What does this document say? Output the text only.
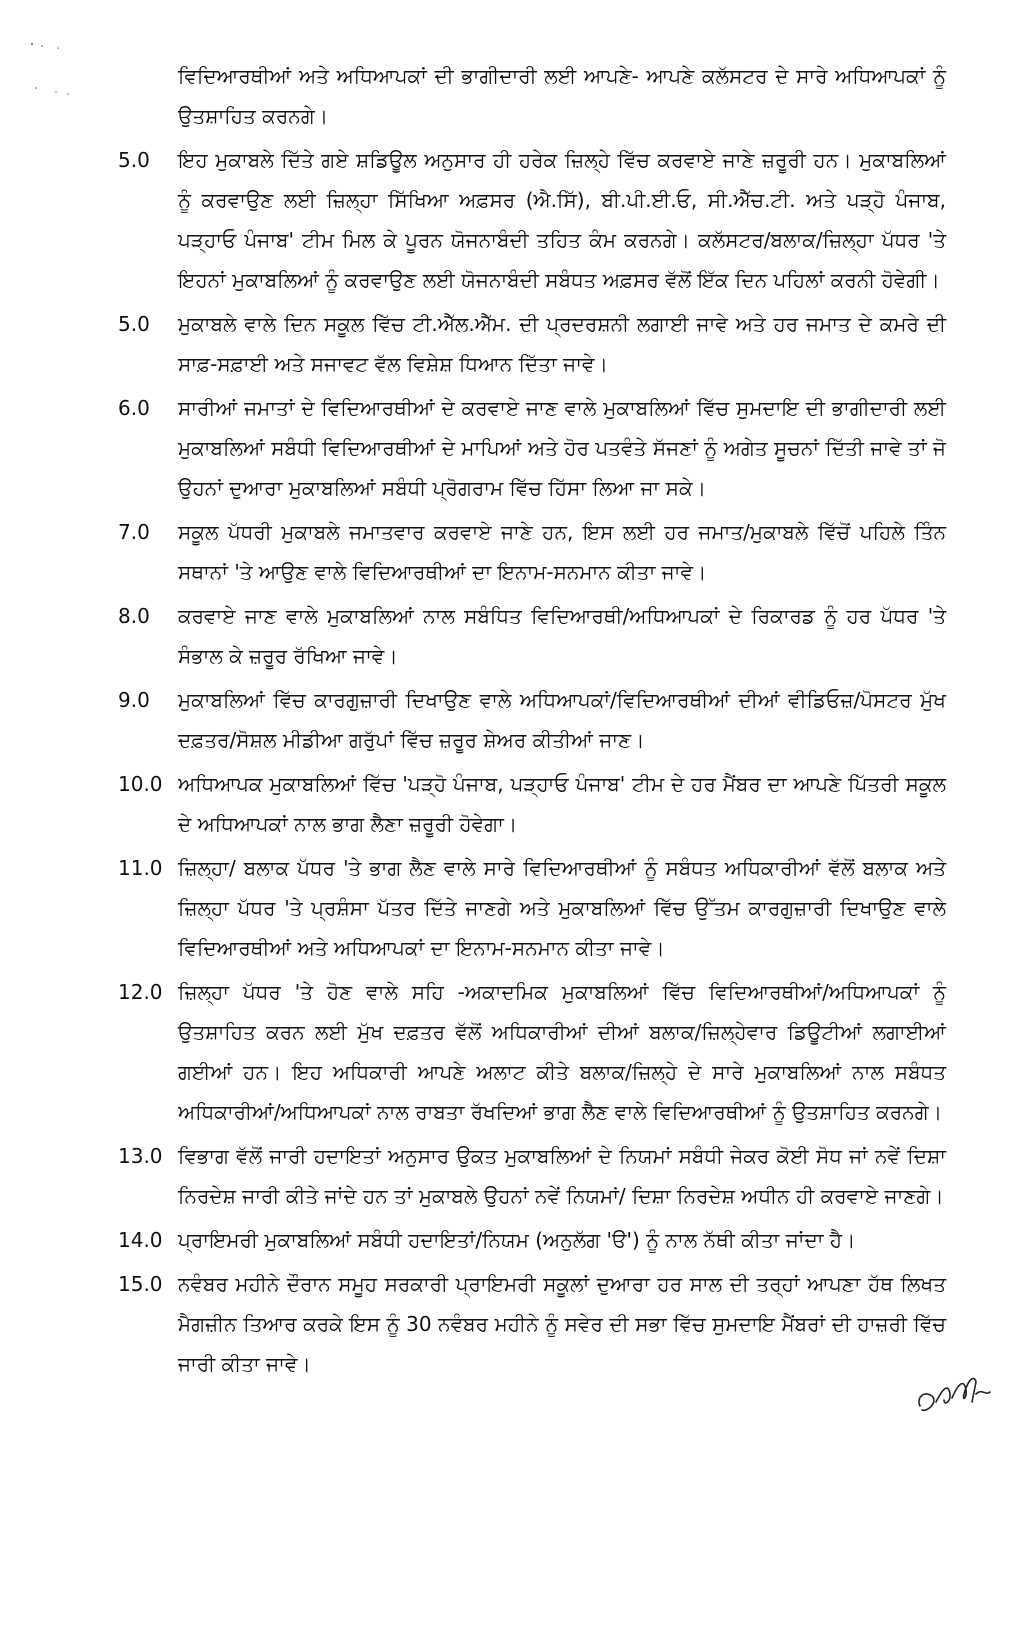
ਵਿਦਿਆਰਥੀਆਂ ਅਤੇ ਅਧਿਆਪਕਾਂ ਦੀ ਭਾਗੀਦਾਰੀ ਲਈ ਆਪਣੇ- ਆਪਣੇ ਕਲੱਸਟਰ ਦੇ ਸਾਰੇ ਅਧਿਆਪਕਾਂ ਨੂੰ ਉਤਸ਼ਾਹਿਤ ਕਰਨਗੇ।
5.0	ਇਹ ਮੁਕਾਬਲੇ ਦਿੱਤੇ ਗਏ ਸ਼ਡਿਊਲ ਅਨੁਸਾਰ ਹੀ ਹਰੇਕ ਜ਼ਿਲ੍ਹੇ ਵਿੱਚ ਕਰਵਾਏ ਜਾਣੇ ਜ਼ਰੂਰੀ ਹਨ। ਮੁਕਾਬਲਿਆਂ ਨੂੰ ਕਰਵਾਉਣ ਲਈ ਜ਼ਿਲ੍ਹਾ ਸਿੱਖਿਆ ਅਫ਼ਸਰ (ਐ.ਸਿੱ), ਬੀ.ਪੀ.ਈ.ਓ, ਸੀ.ਐੱਚ.ਟੀ. ਅਤੇ ਪੜ੍ਹੋ ਪੰਜਾਬ, ਪੜ੍ਹਾਓ ਪੰਜਾਬ' ਟੀਮ ਮਿਲ ਕੇ ਪੂਰਨ ਯੋਜਨਾਬੰਦੀ ਤਹਿਤ ਕੰਮ ਕਰਨਗੇ। ਕਲੱਸਟਰ/ਬਲਾਕ/ਜ਼ਿਲ੍ਹਾ ਪੱਧਰ 'ਤੇ ਇਹਨਾਂ ਮੁਕਾਬਲਿਆਂ ਨੂੰ ਕਰਵਾਉਣ ਲਈ ਯੋਜਨਾਬੰਦੀ ਸਬੰਧਤ ਅਫ਼ਸਰ ਵੱਲੋਂ ਇੱਕ ਦਿਨ ਪਹਿਲਾਂ ਕਰਨੀ ਹੋਵੇਗੀ।
5.0	ਮੁਕਾਬਲੇ ਵਾਲੇ ਦਿਨ ਸਕੂਲ ਵਿੱਚ ਟੀ.ਐੱਲ.ਐੱਮ. ਦੀ ਪ੍ਰਦਰਸ਼ਨੀ ਲਗਾਈ ਜਾਵੇ ਅਤੇ ਹਰ ਜਮਾਤ ਦੇ ਕਮਰੇ ਦੀ ਸਾਫ਼-ਸਫ਼ਾਈ ਅਤੇ ਸਜਾਵਟ ਵੱਲ ਵਿਸ਼ੇਸ਼ ਧਿਆਨ ਦਿੱਤਾ ਜਾਵੇ।
6.0	ਸਾਰੀਆਂ ਜਮਾਤਾਂ ਦੇ ਵਿਦਿਆਰਥੀਆਂ ਦੇ ਕਰਵਾਏ ਜਾਣ ਵਾਲੇ ਮੁਕਾਬਲਿਆਂ ਵਿੱਚ ਸੁਮਦਾਇ ਦੀ ਭਾਗੀਦਾਰੀ ਲਈ ਮੁਕਾਬਲਿਆਂ ਸਬੰਧੀ ਵਿਦਿਆਰਥੀਆਂ ਦੇ ਮਾਪਿਆਂ ਅਤੇ ਹੋਰ ਪਤਵੰਤੇ ਸੱਜਣਾਂ ਨੂੰ ਅਗੇਤ ਸੂਚਨਾਂ ਦਿੱਤੀ ਜਾਵੇ ਤਾਂ ਜੋ ਉਹਨਾਂ ਦੁਆਰਾ ਮੁਕਾਬਲਿਆਂ ਸਬੰਧੀ ਪ੍ਰੋਗਰਾਮ ਵਿੱਚ ਹਿੱਸਾ ਲਿਆ ਜਾ ਸਕੇ।
7.0	ਸਕੂਲ ਪੱਧਰੀ ਮੁਕਾਬਲੇ ਜਮਾਤਵਾਰ ਕਰਵਾਏ ਜਾਣੇ ਹਨ, ਇਸ ਲਈ ਹਰ ਜਮਾਤ/ਮੁਕਾਬਲੇ ਵਿੱਚੋਂ ਪਹਿਲੇ ਤਿੰਨ ਸਥਾਨਾਂ 'ਤੇ ਆਉਣ ਵਾਲੇ ਵਿਦਿਆਰਥੀਆਂ ਦਾ ਇਨਾਮ-ਸਨਮਾਨ ਕੀਤਾ ਜਾਵੇ।
8.0	ਕਰਵਾਏ ਜਾਣ ਵਾਲੇ ਮੁਕਾਬਲਿਆਂ ਨਾਲ ਸਬੰਧਿਤ ਵਿਦਿਆਰਥੀ/ਅਧਿਆਪਕਾਂ ਦੇ ਰਿਕਾਰਡ ਨੂੰ ਹਰ ਪੱਧਰ 'ਤੇ ਸੰਭਾਲ ਕੇ ਜ਼ਰੂਰ ਰੱਖਿਆ ਜਾਵੇ।
9.0	ਮੁਕਾਬਲਿਆਂ ਵਿੱਚ ਕਾਰਗੁਜ਼ਾਰੀ ਦਿਖਾਉਣ ਵਾਲੇ ਅਧਿਆਪਕਾਂ/ਵਿਦਿਆਰਥੀਆਂ ਦੀਆਂ ਵੀਡਿਓਜ਼/ਪੋਸਟਰ ਮੁੱਖ ਦਫ਼ਤਰ/ਸੋਸ਼ਲ ਮੀਡੀਆ ਗਰੁੱਪਾਂ ਵਿੱਚ ਜ਼ਰੂਰ ਸ਼ੇਅਰ ਕੀਤੀਆਂ ਜਾਣ।
10.0 ਅਧਿਆਪਕ ਮੁਕਾਬਲਿਆਂ ਵਿੱਚ 'ਪੜ੍ਹੋ ਪੰਜਾਬ, ਪੜ੍ਹਾਓ ਪੰਜਾਬ' ਟੀਮ ਦੇ ਹਰ ਮੈਂਬਰ ਦਾ ਆਪਣੇ ਪਿੱਤਰੀ ਸਕੂਲ ਦੇ ਅਧਿਆਪਕਾਂ ਨਾਲ ਭਾਗ ਲੈਣਾ ਜ਼ਰੂਰੀ ਹੋਵੇਗਾ।
11.0 ਜ਼ਿਲ੍ਹਾ/ ਬਲਾਕ ਪੱਧਰ 'ਤੇ ਭਾਗ ਲੈਣ ਵਾਲੇ ਸਾਰੇ ਵਿਦਿਆਰਥੀਆਂ ਨੂੰ ਸਬੰਧਤ ਅਧਿਕਾਰੀਆਂ ਵੱਲੋਂ ਬਲਾਕ ਅਤੇ ਜ਼ਿਲ੍ਹਾ ਪੱਧਰ 'ਤੇ ਪ੍ਰਸ਼ੰਸਾ ਪੱਤਰ ਦਿੱਤੇ ਜਾਣਗੇ ਅਤੇ ਮੁਕਾਬਲਿਆਂ ਵਿੱਚ ਉੱਤਮ ਕਾਰਗੁਜ਼ਾਰੀ ਦਿਖਾਉਣ ਵਾਲੇ ਵਿਦਿਆਰਥੀਆਂ ਅਤੇ ਅਧਿਆਪਕਾਂ ਦਾ ਇਨਾਮ-ਸਨਮਾਨ ਕੀਤਾ ਜਾਵੇ।
12.0 ਜ਼ਿਲ੍ਹਾ ਪੱਧਰ 'ਤੇ ਹੋਣ ਵਾਲੇ ਸਹਿ -ਅਕਾਦਮਿਕ ਮੁਕਾਬਲਿਆਂ ਵਿੱਚ ਵਿਦਿਆਰਥੀਆਂ/ਅਧਿਆਪਕਾਂ ਨੂੰ ਉਤਸ਼ਾਹਿਤ ਕਰਨ ਲਈ ਮੁੱਖ ਦਫ਼ਤਰ ਵੱਲੋਂ ਅਧਿਕਾਰੀਆਂ ਦੀਆਂ ਬਲਾਕ/ਜ਼ਿਲ੍ਹੇਵਾਰ ਡਿਊਟੀਆਂ ਲਗਾਈਆਂ ਗਈਆਂ ਹਨ। ਇਹ ਅਧਿਕਾਰੀ ਆਪਣੇ ਅਲਾਟ ਕੀਤੇ ਬਲਾਕ/ਜ਼ਿਲ੍ਹੇ ਦੇ ਸਾਰੇ ਮੁਕਾਬਲਿਆਂ ਨਾਲ ਸਬੰਧਤ ਅਧਿਕਾਰੀਆਂ/ਅਧਿਆਪਕਾਂ ਨਾਲ ਰਾਬਤਾ ਰੱਖਦਿਆਂ ਭਾਗ ਲੈਣ ਵਾਲੇ ਵਿਦਿਆਰਥੀਆਂ ਨੂੰ ਉਤਸ਼ਾਹਿਤ ਕਰਨਗੇ।
13.0 ਵਿਭਾਗ ਵੱਲੋਂ ਜਾਰੀ ਹਦਾਇਤਾਂ ਅਨੁਸਾਰ ਉਕਤ ਮੁਕਾਬਲਿਆਂ ਦੇ ਨਿਯਮਾਂ ਸਬੰਧੀ ਜੇਕਰ ਕੋਈ ਸੋਧ ਜਾਂ ਨਵੇਂ ਦਿਸ਼ਾ ਨਿਰਦੇਸ਼ ਜਾਰੀ ਕੀਤੇ ਜਾਂਦੇ ਹਨ ਤਾਂ ਮੁਕਾਬਲੇ ਉਹਨਾਂ ਨਵੇਂ ਨਿਯਮਾਂ/ ਦਿਸ਼ਾ ਨਿਰਦੇਸ਼ ਅਧੀਨ ਹੀ ਕਰਵਾਏ ਜਾਣਗੇ।
14.0 ਪ੍ਰਾਇਮਰੀ ਮੁਕਾਬਲਿਆਂ ਸਬੰਧੀ ਹਦਾਇਤਾਂ/ਨਿਯਮ (ਅਨੁਲੱਗ 'ੳ') ਨੂੰ ਨਾਲ ਨੱਥੀ ਕੀਤਾ ਜਾਂਦਾ ਹੈ।
15.0 ਨਵੰਬਰ ਮਹੀਨੇ ਦੌਰਾਨ ਸਮੂਹ ਸਰਕਾਰੀ ਪ੍ਰਾਇਮਰੀ ਸਕੂਲਾਂ ਦੁਆਰਾ ਹਰ ਸਾਲ ਦੀ ਤਰ੍ਹਾਂ ਆਪਣਾ ਹੱਥ ਲਿਖਤ ਮੈਗਜ਼ੀਨ ਤਿਆਰ ਕਰਕੇ ਇਸ ਨੂੰ 30 ਨਵੰਬਰ ਮਹੀਨੇ ਨੂੰ ਸਵੇਰ ਦੀ ਸਭਾ ਵਿੱਚ ਸੁਮਦਾਇ ਮੈਂਬਰਾਂ ਦੀ ਹਾਜ਼ਰੀ ਵਿੱਚ ਜਾਰੀ ਕੀਤਾ ਜਾਵੇ।
